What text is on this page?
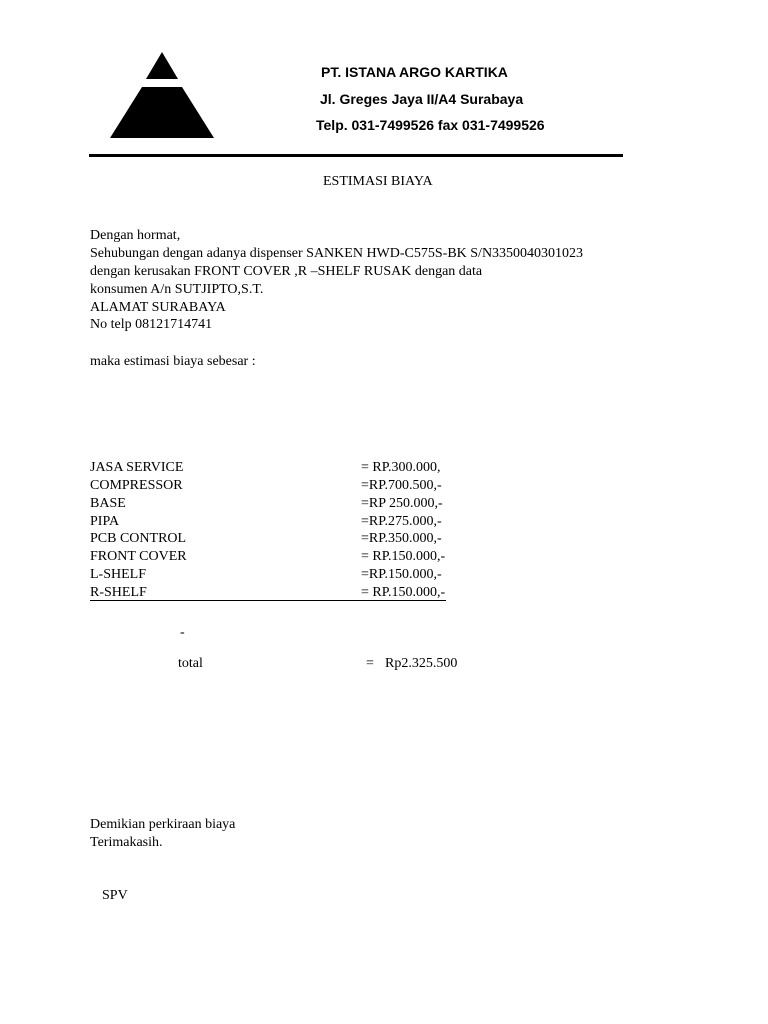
PT. ISTANA ARGO KARTIKA
Jl. Greges Jaya II/A4 Surabaya
Telp. 031-7499526 fax 031-7499526
ESTIMASI BIAYA
Dengan hormat,
Sehubungan dengan adanya dispenser SANKEN HWD-C575S-BK S/N3350040301023
dengan kerusakan FRONT COVER ,R –SHELF RUSAK dengan data
konsumen A/n SUTJIPTO,S.T.
ALAMAT SURABAYA
No telp 08121714741
maka estimasi biaya sebesar :
JASA SERVICE	= RP.300.000,
COMPRESSOR	=RP.700.500,-
BASE	=RP 250.000,-
PIPA	=RP.275.000,-
PCB CONTROL	=RP.350.000,-
FRONT COVER	= RP.150.000,-
L-SHELF	=RP.150.000,-
R-SHELF	= RP.150.000,-
-
total	= Rp2.325.500
Demikian perkiraan biaya
Terimakasih.
SPV
